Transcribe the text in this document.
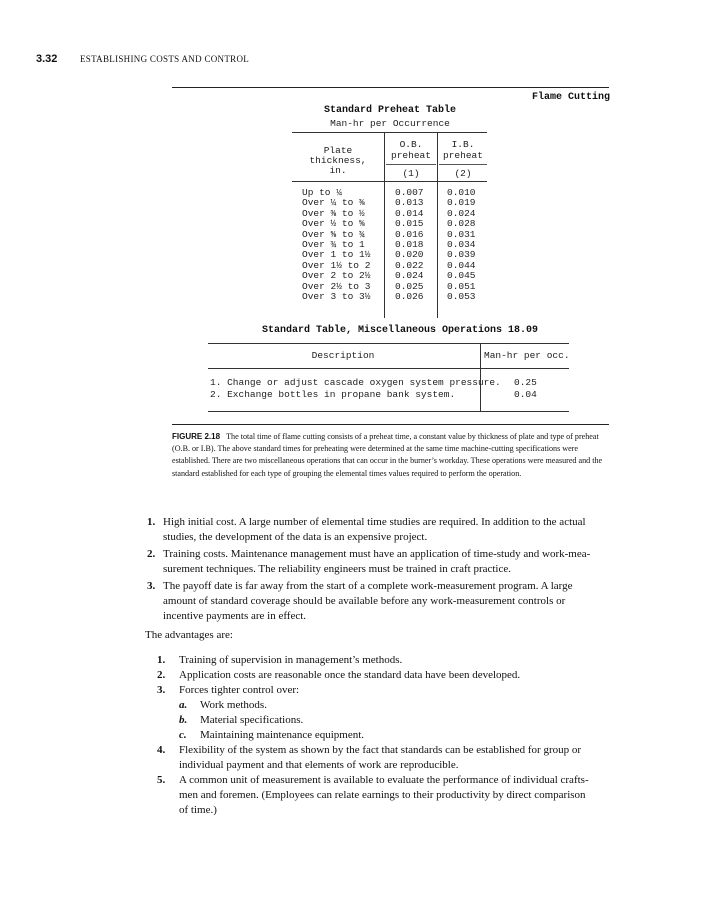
3.32	ESTABLISHING COSTS AND CONTROL
Flame Cutting
Standard Preheat Table
Man-hr per Occurrence
Plate thickness,
in.
O.B.
preheat
I.B.
preheat
(1)	(2)
Up to ¼	0.007 0.010
Over ¼ to ⅜	0.013 0.019
Over ⅜ to ½	0.014 0.024
Over ½ to ⅝	0.015 0.028
Over ⅝ to ¾	0.016 0.031
Over ¾ to 1	0.018 0.034
Over 1 to 1½	0.020 0.039
Over 1½ to 2	0.022 0.044
Over 2 to 2½	0.024 0.045
Over 2½ to 3	0.025 0.051
Over 3 to 3½	0.026 0.053
Standard Table, Miscellaneous Operations 18.09
Description	Man-hr per occ.
1. Change or adjust cascade oxygen system pressure. 0.25
2. Exchange bottles in propane bank system.	0.04
FIGURE 2.18 The total time of flame cutting consists of a preheat time, a constant value by thickness of plate and type of preheat (O.B. or I.B). The above standard times for preheating were determined at the same time machine-cutting specifications were established. There are two miscellaneous operations that can occur in the burner’s workday. These operations were measured and the standard established for each type of grouping the elemental times values required to perform the operation.
1. High initial cost. A large number of elemental time studies are required. In addition to the actual
studies, the development of the data is an expensive project.
2. Training costs. Maintenance management must have an application of time-study and work-mea-
surement techniques. The reliability engineers must be trained in craft practice.
3. The payoff date is far away from the start of a complete work-measurement program. A large
amount of standard coverage should be available before any work-measurement controls or
incentive payments are in effect.
The advantages are:
1. Training of supervision in management’s methods.
2. Application costs are reasonable once the standard data have been developed.
3. Forces tighter control over:
a. Work methods.
b. Material specifications.
c. Maintaining maintenance equipment.
4. Flexibility of the system as shown by the fact that standards can be established for group or
individual payment and that elements of work are reproducible.
5. A common unit of measurement is available to evaluate the performance of individual crafts-
men and foremen. (Employees can relate earnings to their productivity by direct comparison
of time.)
